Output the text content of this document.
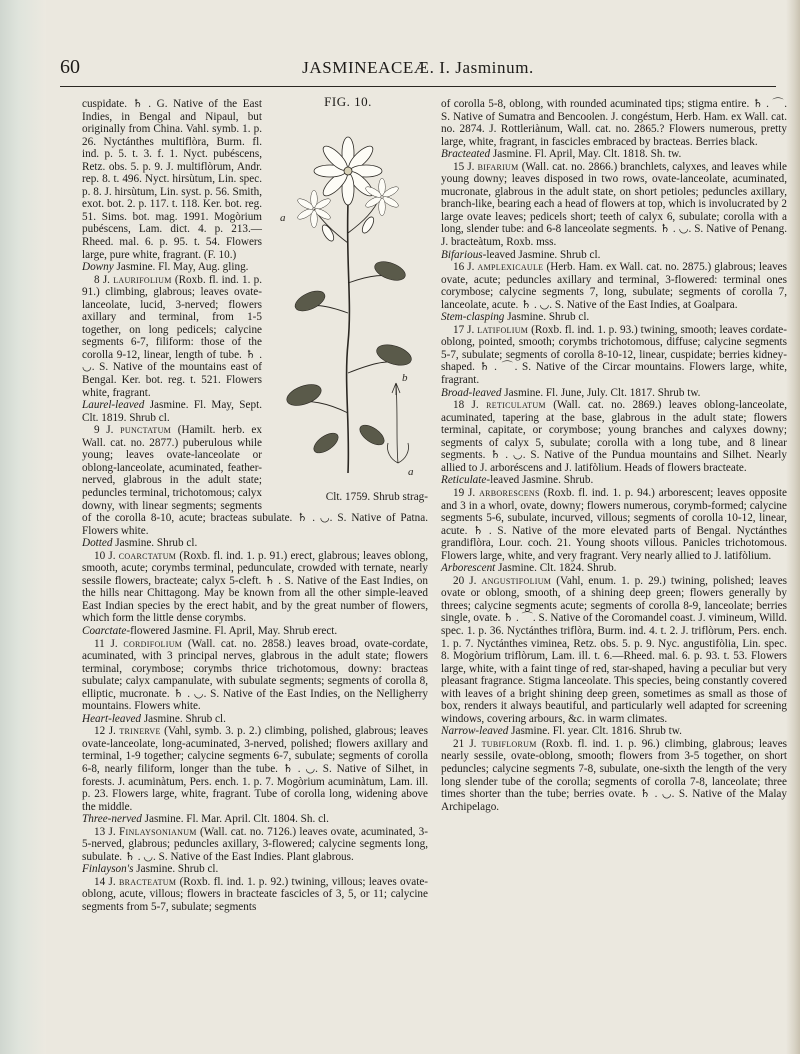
60	JASMINEACEÆ. I. Jasminum.
FIG. 10.
a
b
a
Clt. 1759. Shrub strag-

cuspidate. ♄ . G. Native of the East Indies, in Bengal and Nipaul, but originally from China. Vahl. symb. 1. p. 26. Nyctánthes multiflòra, Burm. fl. ind. p. 5. t. 3. f. 1. Nyct. pubéscens, Retz. obs. 5. p. 9. J. multiflòrum, Andr. rep. 8. t. 496. Nyct. hirsùtum, Lin. spec. p. 8. J. hirsùtum, Lin. syst. p. 56. Smith, exot. bot. 2. p. 117. t. 118. Ker. bot. reg. 51. Sims. bot. mag. 1991. Mogòrium pubéscens, Lam. dict. 4. p. 213.—Rheed. mal. 6. p. 95. t. 54. Flowers large, pure white, fragrant. (F. 10.)

Downy Jasmine. Fl. May, Aug. gling.

8 J. laurifolium (Roxb. fl. ind. 1. p. 91.) climbing, glabrous; leaves ovate-lanceolate, lucid, 3-nerved; flowers axillary and terminal, from 1-5 together, on long pedicels; calycine segments 6-7, filiform: those of the corolla 9-12, linear, length of tube. ♄ . ◡. S. Native of the mountains east of Bengal. Ker. bot. reg. t. 521. Flowers white, fragrant.

Laurel-leaved Jasmine. Fl. May, Sept. Clt. 1819. Shrub cl.

9 J. punctatum (Hamilt. herb. ex Wall. cat. no. 2877.) puberulous while young; leaves ovate-lanceolate or oblong-lanceolate, acuminated, feather-nerved, glabrous in the adult state; peduncles terminal, trichotomous; calyx downy, with linear segments; segments of the corolla 8-10, acute; bracteas subulate. ♄ . ◡. S. Native of Patna. Flowers white.

Dotted Jasmine. Shrub cl.

10 J. coarctatum (Roxb. fl. ind. 1. p. 91.) erect, glabrous; leaves oblong, smooth, acute; corymbs terminal, pedunculate, crowded with ternate, nearly sessile flowers, bracteate; calyx 5-cleft. ♄ . S. Native of the East Indies, on the hills near Chittagong. May be known from all the other simple-leaved East Indian species by the erect habit, and by the great number of flowers, which form the little dense corymbs.

Coarctate-flowered Jasmine. Fl. April, May. Shrub erect.

11 J. cordifolium (Wall. cat. no. 2858.) leaves broad, ovate-cordate, acuminated, with 3 principal nerves, glabrous in the adult state; flowers terminal, corymbose; corymbs thrice trichotomous, downy: bracteas subulate; calyx campanulate, with subulate segments; segments of corolla 8, elliptic, mucronate. ♄ . ◡. S. Native of the East Indies, on the Nelligherry mountains. Flowers white.

Heart-leaved Jasmine. Shrub cl.

12 J. trinerve (Vahl, symb. 3. p. 2.) climbing, polished, glabrous; leaves ovate-lanceolate, long-acuminated, 3-nerved, polished; flowers axillary and terminal, 1-9 together; calycine segments 6-7, subulate; segments of corolla 6-8, nearly filiform, longer than the tube. ♄ . ◡. S. Native of Silhet, in forests. J. acuminàtum, Pers. ench. 1. p. 7. Mogòrium acuminàtum, Lam. ill. p. 23. Flowers large, white, fragrant. Tube of corolla long, widening above the middle.

Three-nerved Jasmine. Fl. Mar. April. Clt. 1804. Sh. cl.

13 J. Finlaysonianum (Wall. cat. no. 7126.) leaves ovate, acuminated, 3-5-nerved, glabrous; peduncles axillary, 3-flowered; calycine segments long, subulate. ♄ . ◡. S. Native of the East Indies. Plant glabrous.

Finlayson's Jasmine. Shrub cl.

14 J. bracteatum (Roxb. fl. ind. 1. p. 92.) twining, villous; leaves ovate-oblong, acute, villous; flowers in bracteate fascicles of 3, 5, or 11; calycine segments from 5-7, subulate; segments

of corolla 5-8, oblong, with rounded acuminated tips; stigma entire. ♄ . ⌒. S. Native of Sumatra and Bencoolen. J. congéstum, Herb. Ham. ex Wall. cat. no. 2874. J. Rottleriànum, Wall. cat. no. 2865.? Flowers numerous, pretty large, white, fragrant, in fascicles embraced by bracteas. Berries black.

Bracteated Jasmine. Fl. April, May. Clt. 1818. Sh. tw.

15 J. bifarium (Wall. cat. no. 2866.) branchlets, calyxes, and leaves while young downy; leaves disposed in two rows, ovate-lanceolate, acuminated, mucronate, glabrous in the adult state, on short petioles; peduncles axillary, branch-like, bearing each a head of flowers at top, which is involucrated by 2 large ovate leaves; pedicels short; teeth of calyx 6, subulate; corolla with a long, slender tube: and 6-8 lanceolate segments. ♄ . ◡. S. Native of Penang. J. bracteàtum, Roxb. mss.

Bifarious-leaved Jasmine. Shrub cl.

16 J. amplexicaule (Herb. Ham. ex Wall. cat. no. 2875.) glabrous; leaves ovate, acute; peduncles axillary and terminal, 3-flowered: terminal ones corymbose; calycine segments 7, long, subulate; segments of corolla 7, lanceolate, acute. ♄ . ◡. S. Native of the East Indies, at Goalpara.

Stem-clasping Jasmine. Shrub cl.

17 J. latifolium (Roxb. fl. ind. 1. p. 93.) twining, smooth; leaves cordate-oblong, pointed, smooth; corymbs trichotomous, diffuse; calycine segments 5-7, subulate; segments of corolla 8-10-12, linear, cuspidate; berries kidney-shaped. ♄ . ⌒. S. Native of the Circar mountains. Flowers large, white, fragrant.

Broad-leaved Jasmine. Fl. June, July. Clt. 1817. Shrub tw.

18 J. reticulatum (Wall. cat. no. 2869.) leaves oblong-lanceolate, acuminated, tapering at the base, glabrous in the adult state; flowers terminal, capitate, or corymbose; young branches and calyxes downy; segments of calyx 5, subulate; corolla with a long tube, and 8 linear segments. ♄ . ◡. S. Native of the Pundua mountains and Silhet. Nearly allied to J. arboréscens and J. latifòlium. Heads of flowers bracteate.

Reticulate-leaved Jasmine. Shrub.

19 J. arborescens (Roxb. fl. ind. 1. p. 94.) arborescent; leaves opposite and 3 in a whorl, ovate, downy; flowers numerous, corymb-formed; calycine segments 5-6, subulate, incurved, villous; segments of corolla 10-12, linear, acute. ♄ . S. Native of the more elevated parts of Bengal. Nyctánthes grandiflòra, Lour. coch. 21. Young shoots villous. Panicles trichotomous. Flowers large, white, and very fragrant. Very nearly allied to J. latifòlium.

Arborescent Jasmine. Clt. 1824. Shrub.

20 J. angustifolium (Vahl, enum. 1. p. 29.) twining, polished; leaves ovate or oblong, smooth, of a shining deep green; flowers generally by threes; calycine segments acute; segments of corolla 8-9, lanceolate; berries single, ovate. ♄ . ⌒. S. Native of the Coromandel coast. J. vimineum, Willd. spec. 1. p. 36. Nyctánthes triflòra, Burm. ind. 4. t. 2. J. triflòrum, Pers. ench. 1. p. 7. Nyctánthes viminea, Retz. obs. 5. p. 9. Nyc. angustifòlia, Lin. spec. 8. Mogòrium triflòrum, Lam. ill. t. 6.—Rheed. mal. 6. p. 93. t. 53. Flowers large, white, with a faint tinge of red, star-shaped, having a peculiar but very pleasant fragrance. Stigma lanceolate. This species, being constantly covered with leaves of a bright shining deep green, sometimes as small as those of box, renders it always beautiful, and particularly well adapted for screening windows, covering arbours, &c. in warm climates.

Narrow-leaved Jasmine. Fl. year. Clt. 1816. Shrub tw.

21 J. tubiflorum (Roxb. fl. ind. 1. p. 96.) climbing, glabrous; leaves nearly sessile, ovate-oblong, smooth; flowers from 3-5 together, on short peduncles; calycine segments 7-8, subulate, one-sixth the length of the very long slender tube of the corolla; segments of corolla 7-8, lanceolate; three times shorter than the tube; berries ovate. ♄ . ◡. S. Native of the Malay Archipelago.
